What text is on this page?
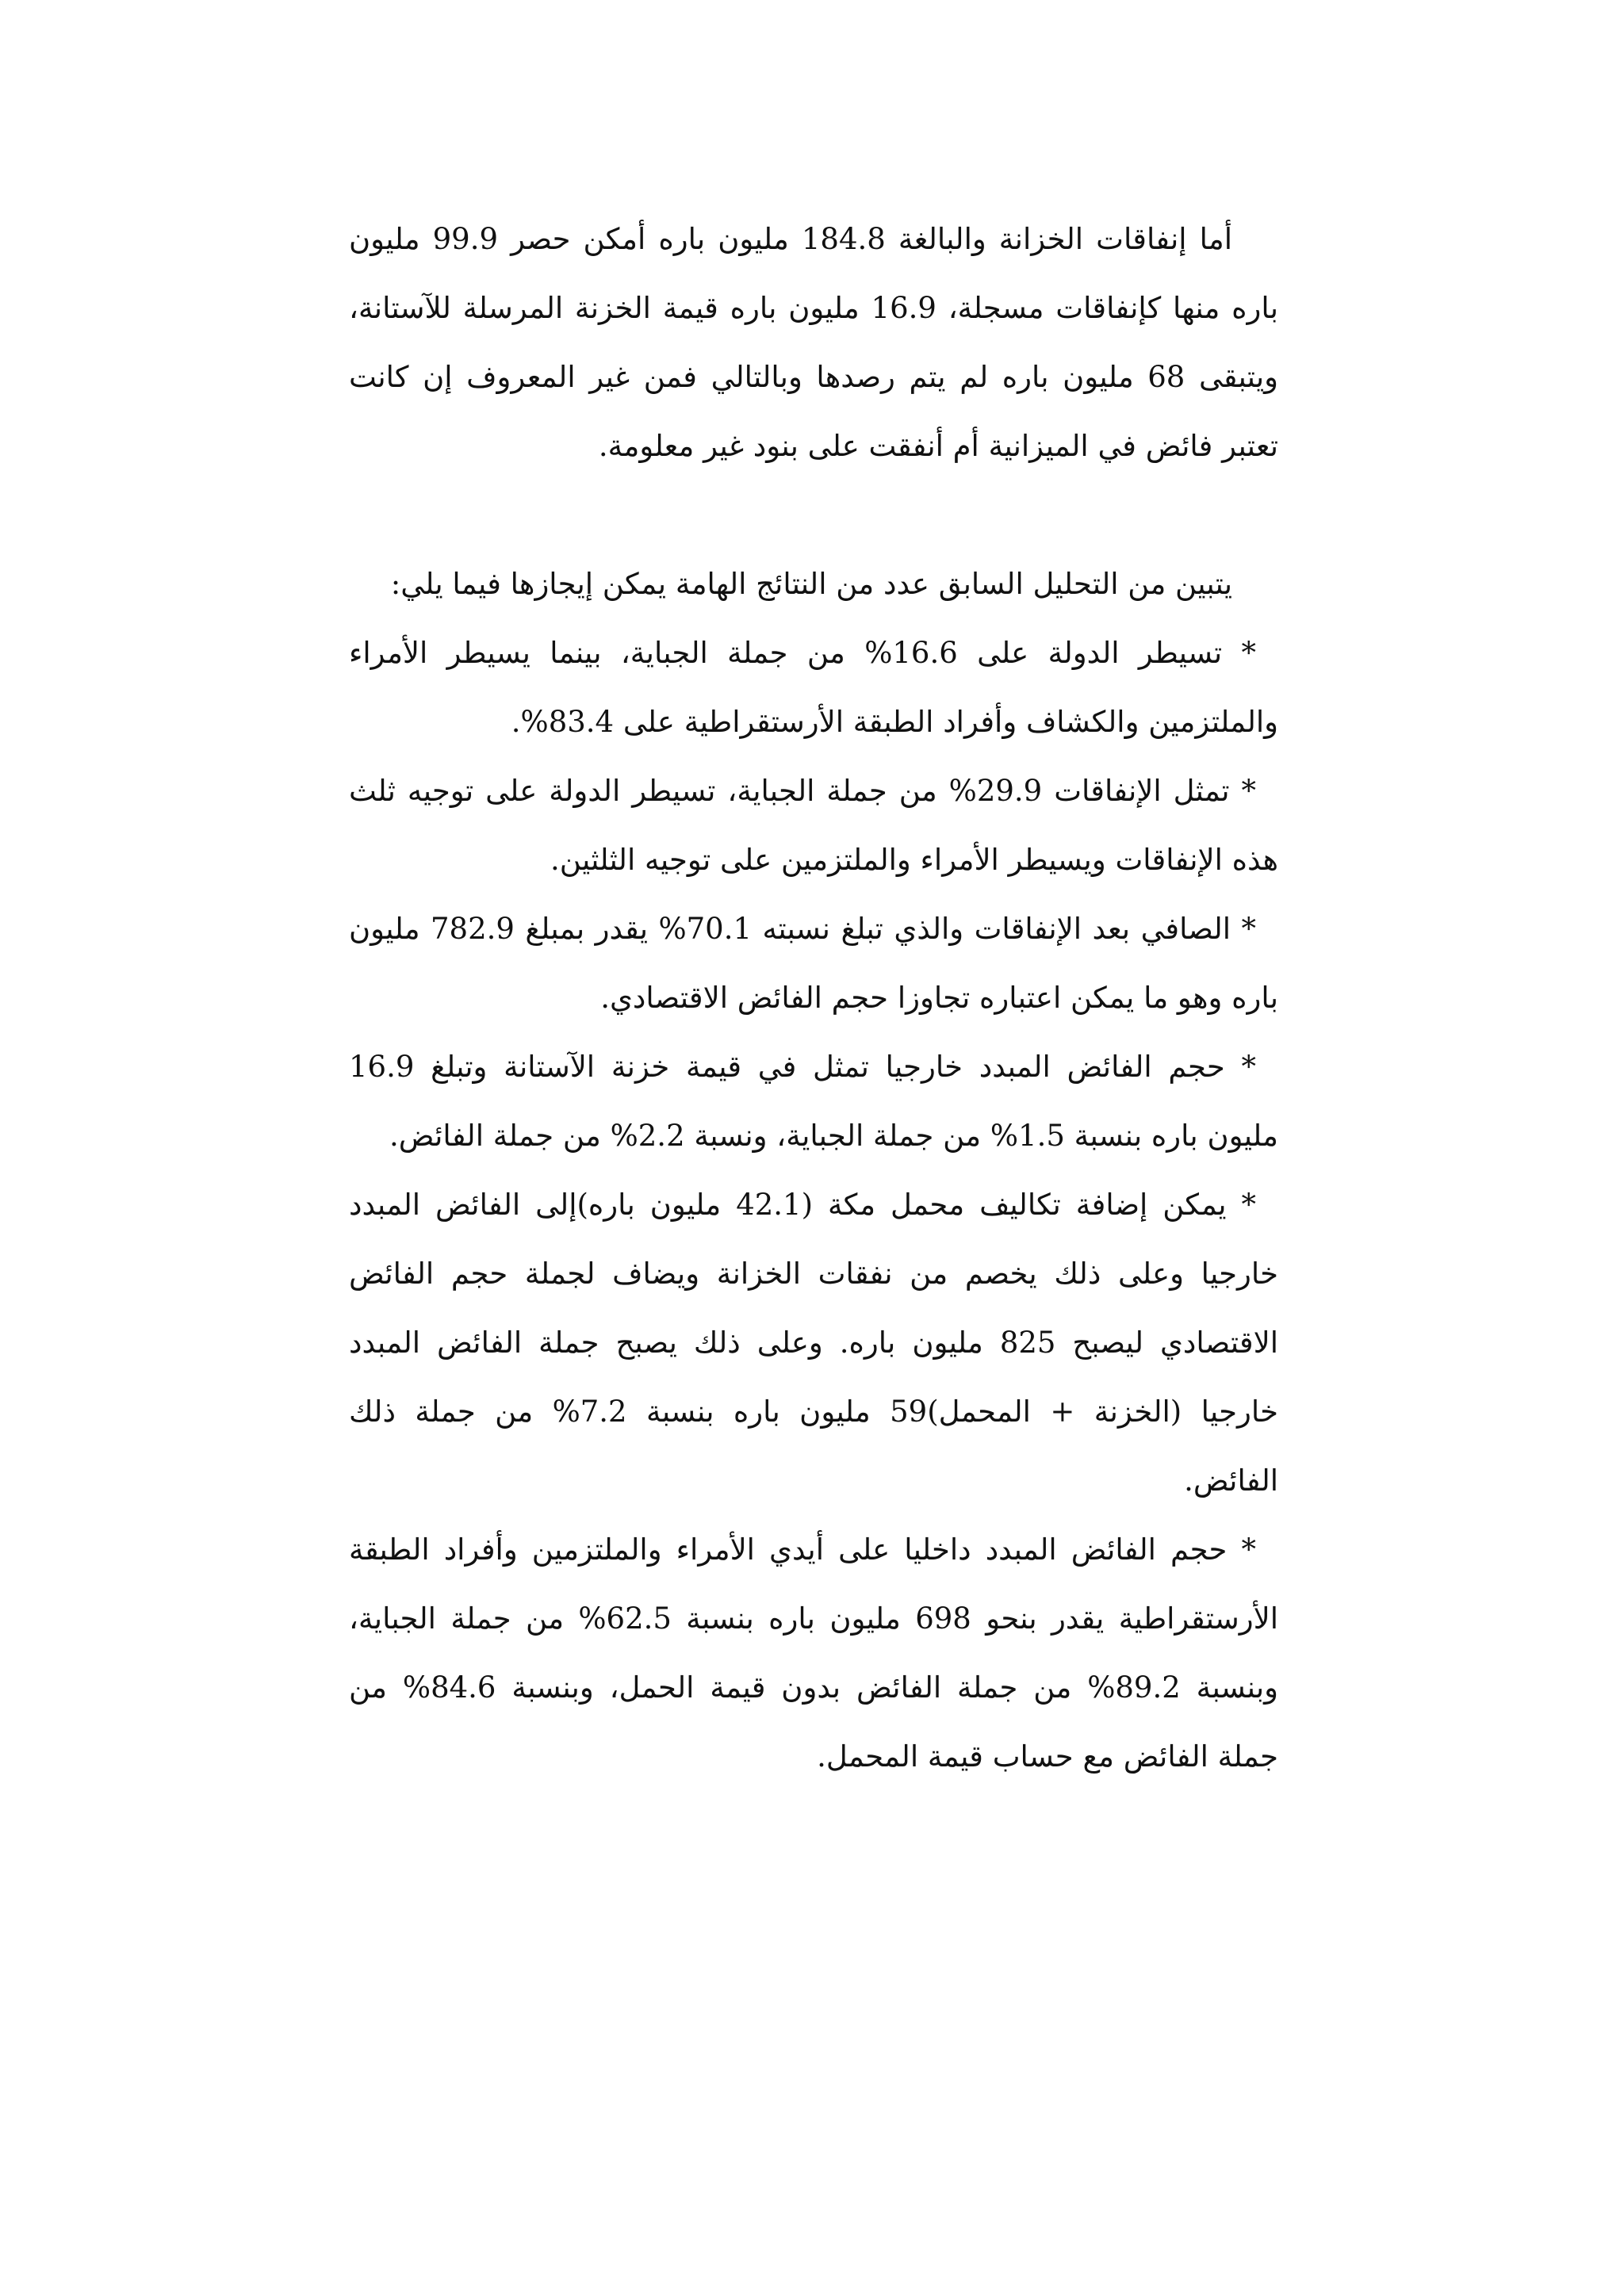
أما إنفاقات الخزانة والبالغة 184.8 مليون باره أمكن حصر 99.9 مليون باره منها كإنفاقات مسجلة، 16.9 مليون باره قيمة الخزنة المرسلة للآستانة، ويتبقى 68 مليون باره لم يتم رصدها وبالتالي فمن غير المعروف إن كانت تعتبر فائض في الميزانية أم أنفقت على بنود غير معلومة.

يتبين من التحليل السابق عدد من النتائج الهامة يمكن إيجازها فيما يلي:

* تسيطر الدولة على 16.6% من جملة الجباية، بينما يسيطر الأمراء والملتزمين والكشاف وأفراد الطبقة الأرستقراطية على 83.4%.

* تمثل الإنفاقات 29.9% من جملة الجباية، تسيطر الدولة على توجيه ثلث هذه الإنفاقات ويسيطر الأمراء والملتزمين على توجيه الثلثين.

* الصافي بعد الإنفاقات والذي تبلغ نسبته 70.1% يقدر بمبلغ 782.9 مليون باره وهو ما يمكن اعتباره تجاوزا حجم الفائض الاقتصادي.

* حجم الفائض المبدد خارجيا تمثل في قيمة خزنة الآستانة وتبلغ 16.9 مليون باره بنسبة 1.5% من جملة الجباية، ونسبة 2.2% من جملة الفائض.

* يمكن إضافة تكاليف محمل مكة (42.1 مليون باره)إلى الفائض المبدد خارجيا وعلى ذلك يخصم من نفقات الخزانة ويضاف لجملة حجم الفائض الاقتصادي ليصبح 825 مليون باره. وعلى ذلك يصبح جملة الفائض المبدد خارجيا (الخزنة + المحمل)59 مليون باره بنسبة 7.2% من جملة ذلك الفائض.

* حجم الفائض المبدد داخليا على أيدي الأمراء والملتزمين وأفراد الطبقة الأرستقراطية يقدر بنحو 698 مليون باره بنسبة 62.5% من جملة الجباية، وبنسبة 89.2% من جملة الفائض بدون قيمة الحمل، وبنسبة 84.6% من جملة الفائض مع حساب قيمة المحمل.
